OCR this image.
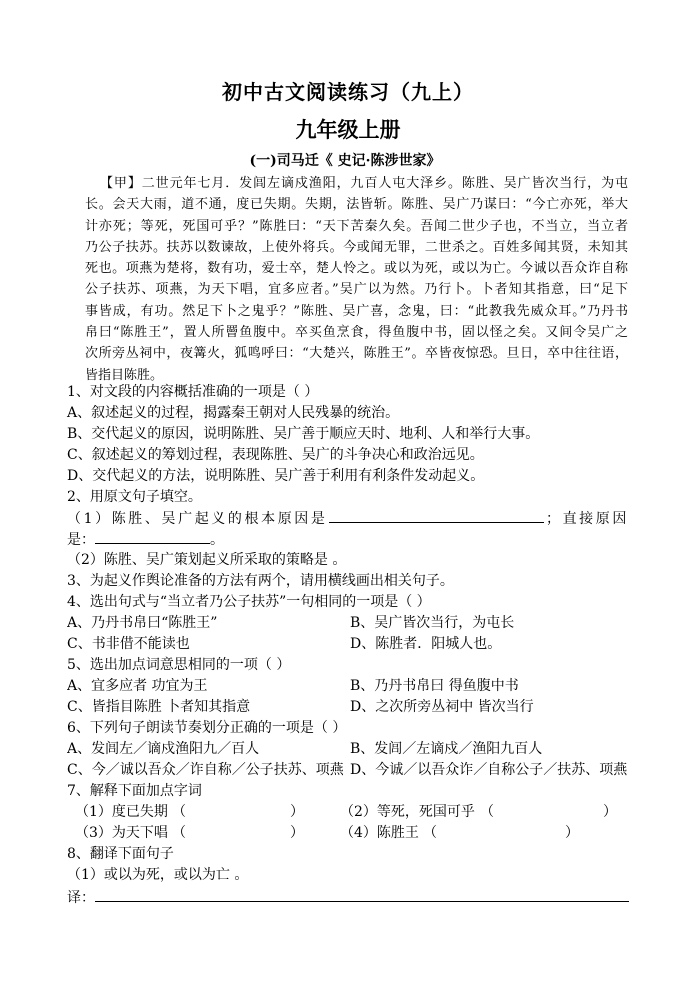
初中古文阅读练习（九上）
九年级上册
(一)司马迁《 史记·陈涉世家》
【甲】二世元年七月．发闾左谪戍渔阳，九百人屯大泽乡。陈胜、吴广皆次当行，为屯
长。会天大雨，道不通，度已失期。失期，法皆斩。陈胜、吴广乃谋曰：“今亡亦死，举大
计亦死；等死，死国可乎？”陈胜曰：“天下苦秦久矣。吾闻二世少子也，不当立，当立者
乃公子扶苏。扶苏以数谏故，上使外将兵。今或闻无罪，二世杀之。百姓多闻其贤，未知其
死也。项燕为楚将，数有功，爱士卒，楚人怜之。或以为死，或以为亡。今诚以吾众诈自称
公子扶苏、项燕，为天下唱，宜多应者。”吴广以为然。乃行卜。卜者知其指意，曰“足下
事皆成，有功。然足下卜之鬼乎？”陈胜、吴广喜，念鬼，曰：“此教我先威众耳。”乃丹书
帛曰“陈胜王”，置人所罾鱼腹中。卒买鱼烹食，得鱼腹中书，固以怪之矣。又间令吴广之
次所旁丛祠中，夜篝火，狐鸣呼曰：“大楚兴，陈胜王”。卒皆夜惊恐。旦日，卒中往往语，
皆指目陈胜。
1、对文段的内容概括准确的一项是（ ）
A、叙述起义的过程，揭露秦王朝对人民残暴的统治。
B、交代起义的原因，说明陈胜、吴广善于顺应天时、地利、人和举行大事。
C、叙述起义的筹划过程，表现陈胜、吴广的斗争决心和政治远见。
D、交代起义的方法，说明陈胜、吴广善于利用有利条件发动起义。
2、用原文句子填空。
（1）陈胜、吴广起义的根本原因是	；直接原因
是：	。
（2）陈胜、吴广策划起义所采取的策略是 。
3、为起义作舆论准备的方法有两个，请用横线画出相关句子。
4、选出句式与“当立者乃公子扶苏”一句相同的一项是（ ）
A、乃丹书帛曰“陈胜王”	B、吴广皆次当行，为屯长
C、书非借不能读也	D、陈胜者．阳城人也。
5、选出加点词意思相同的一项（ ）
A、宜多应者 功宜为王	B、乃丹书帛曰 得鱼腹中书
C、皆指目陈胜 卜者知其指意	D、之次所旁丛祠中 皆次当行
6、下列句子朗读节奏划分正确的一项是（ ）
A、发闾左／谪戍渔阳九／百人	B、发闾／左谪戍／渔阳九百人
C、今／诚以吾众／诈自称／公子扶苏、项燕 D、今诚／以吾众诈／自称公子／扶苏、项燕
7、解释下面加点字词
（1）度已失期 （	）	（2）等死，死国可乎 （	）
（3）为天下唱 （	）	（4）陈胜王 （	）
8、翻译下面句子
（1）或以为死，或以为亡 。
译：
